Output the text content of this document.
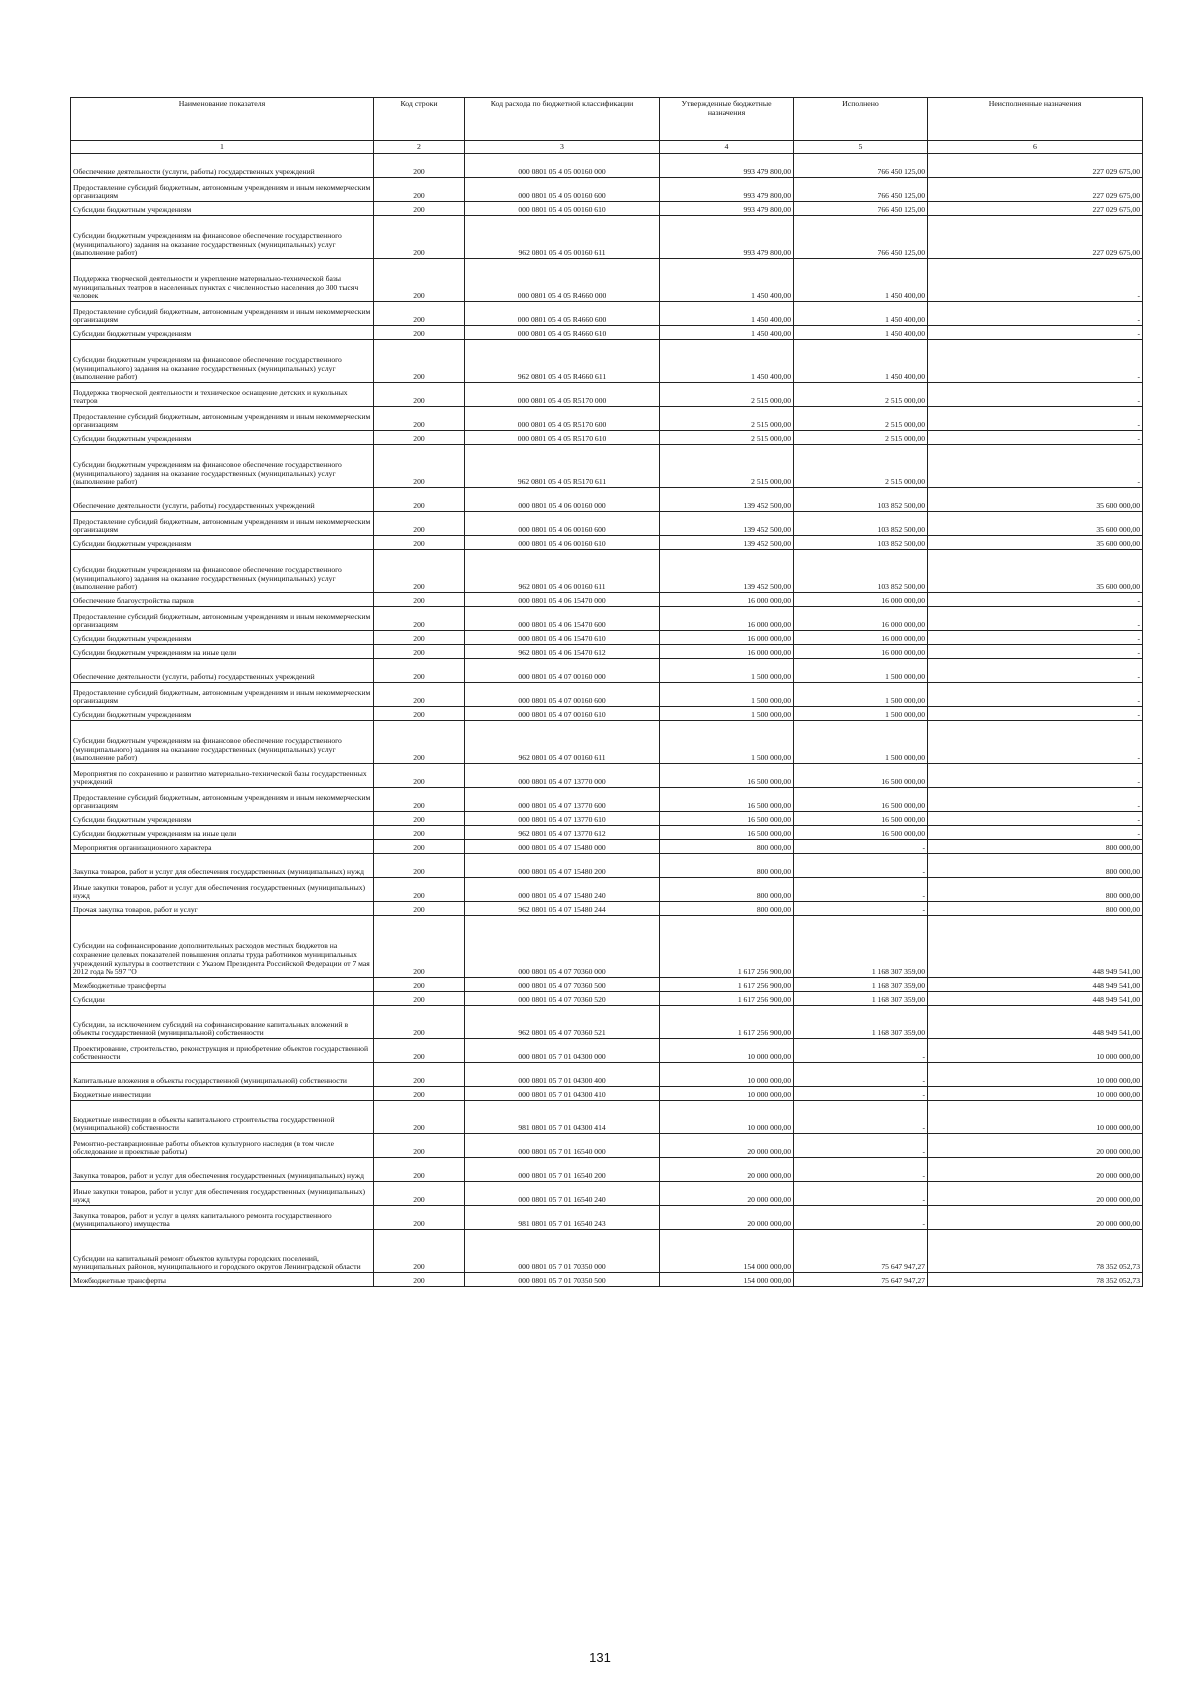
Наименование показателя	Код строки	Код расхода по бюджетной классификации	Утвержденные бюджетные назначения	Исполнено	Неисполненные назначения
1	2	3	4	5	6
Обеспечение деятельности (услуги, работы) государственных учреждений	200	000 0801 05 4 05 00160 000	993 479 800,00	766 450 125,00	227 029 675,00
Предоставление субсидий бюджетным, автономным учреждениям и иным некоммерческим организациям	200	000 0801 05 4 05 00160 600	993 479 800,00	766 450 125,00	227 029 675,00
Субсидии бюджетным учреждениям	200	000 0801 05 4 05 00160 610	993 479 800,00	766 450 125,00	227 029 675,00
Субсидии бюджетным учреждениям на финансовое обеспечение государственного (муниципального) задания на оказание государственных (муниципальных) услуг (выполнение работ)	200	962 0801 05 4 05 00160 611	993 479 800,00	766 450 125,00	227 029 675,00
Поддержка творческой деятельности и укрепление материально-технической базы муниципальных театров в населенных пунктах с численностью населения до 300 тысяч человек	200	000 0801 05 4 05 R4660 000	1 450 400,00	1 450 400,00	-
Предоставление субсидий бюджетным, автономным учреждениям и иным некоммерческим организациям	200	000 0801 05 4 05 R4660 600	1 450 400,00	1 450 400,00	-
Субсидии бюджетным учреждениям	200	000 0801 05 4 05 R4660 610	1 450 400,00	1 450 400,00	-
Субсидии бюджетным учреждениям на финансовое обеспечение государственного (муниципального) задания на оказание государственных (муниципальных) услуг (выполнение работ)	200	962 0801 05 4 05 R4660 611	1 450 400,00	1 450 400,00	-
Поддержка творческой деятельности и техническое оснащение детских и кукольных театров	200	000 0801 05 4 05 R5170 000	2 515 000,00	2 515 000,00	-
Предоставление субсидий бюджетным, автономным учреждениям и иным некоммерческим организациям	200	000 0801 05 4 05 R5170 600	2 515 000,00	2 515 000,00	-
Субсидии бюджетным учреждениям	200	000 0801 05 4 05 R5170 610	2 515 000,00	2 515 000,00	-
Субсидии бюджетным учреждениям на финансовое обеспечение государственного (муниципального) задания на оказание государственных (муниципальных) услуг (выполнение работ)	200	962 0801 05 4 05 R5170 611	2 515 000,00	2 515 000,00	-
Обеспечение деятельности (услуги, работы) государственных учреждений	200	000 0801 05 4 06 00160 000	139 452 500,00	103 852 500,00	35 600 000,00
Предоставление субсидий бюджетным, автономным учреждениям и иным некоммерческим организациям	200	000 0801 05 4 06 00160 600	139 452 500,00	103 852 500,00	35 600 000,00
Субсидии бюджетным учреждениям	200	000 0801 05 4 06 00160 610	139 452 500,00	103 852 500,00	35 600 000,00
Субсидии бюджетным учреждениям на финансовое обеспечение государственного (муниципального) задания на оказание государственных (муниципальных) услуг (выполнение работ)	200	962 0801 05 4 06 00160 611	139 452 500,00	103 852 500,00	35 600 000,00
Обеспечение благоустройства парков	200	000 0801 05 4 06 15470 000	16 000 000,00	16 000 000,00	-
Предоставление субсидий бюджетным, автономным учреждениям и иным некоммерческим организациям	200	000 0801 05 4 06 15470 600	16 000 000,00	16 000 000,00	-
Субсидии бюджетным учреждениям	200	000 0801 05 4 06 15470 610	16 000 000,00	16 000 000,00	-
Субсидии бюджетным учреждениям на иные цели	200	962 0801 05 4 06 15470 612	16 000 000,00	16 000 000,00	-
Обеспечение деятельности (услуги, работы) государственных учреждений	200	000 0801 05 4 07 00160 000	1 500 000,00	1 500 000,00	-
Предоставление субсидий бюджетным, автономным учреждениям и иным некоммерческим организациям	200	000 0801 05 4 07 00160 600	1 500 000,00	1 500 000,00	-
Субсидии бюджетным учреждениям	200	000 0801 05 4 07 00160 610	1 500 000,00	1 500 000,00	-
Субсидии бюджетным учреждениям на финансовое обеспечение государственного (муниципального) задания на оказание государственных (муниципальных) услуг (выполнение работ)	200	962 0801 05 4 07 00160 611	1 500 000,00	1 500 000,00	-
Мероприятия по сохранению и развитию материально-технической базы государственных учреждений	200	000 0801 05 4 07 13770 000	16 500 000,00	16 500 000,00	-
Предоставление субсидий бюджетным, автономным учреждениям и иным некоммерческим организациям	200	000 0801 05 4 07 13770 600	16 500 000,00	16 500 000,00	-
Субсидии бюджетным учреждениям	200	000 0801 05 4 07 13770 610	16 500 000,00	16 500 000,00	-
Субсидии бюджетным учреждениям на иные цели	200	962 0801 05 4 07 13770 612	16 500 000,00	16 500 000,00	-
Мероприятия организационного характера	200	000 0801 05 4 07 15480 000	800 000,00	-	800 000,00
Закупка товаров, работ и услуг для обеспечения государственных (муниципальных) нужд	200	000 0801 05 4 07 15480 200	800 000,00	-	800 000,00
Иные закупки товаров, работ и услуг для обеспечения государственных (муниципальных) нужд	200	000 0801 05 4 07 15480 240	800 000,00	-	800 000,00
Прочая закупка товаров, работ и услуг	200	962 0801 05 4 07 15480 244	800 000,00	-	800 000,00
Субсидии на софинансирование дополнительных расходов местных бюджетов на сохранение целевых показателей повышения оплаты труда работников муниципальных учреждений культуры в соответствии с Указом Президента Российской Федерации от 7 мая 2012 года № 597 "О	200	000 0801 05 4 07 70360 000	1 617 256 900,00	1 168 307 359,00	448 949 541,00
Межбюджетные трансферты	200	000 0801 05 4 07 70360 500	1 617 256 900,00	1 168 307 359,00	448 949 541,00
Субсидии	200	000 0801 05 4 07 70360 520	1 617 256 900,00	1 168 307 359,00	448 949 541,00
Субсидии, за исключением субсидий на софинансирование капитальных вложений в объекты государственной (муниципальной) собственности	200	962 0801 05 4 07 70360 521	1 617 256 900,00	1 168 307 359,00	448 949 541,00
Проектирование, строительство, реконструкция и приобретение объектов государственной собственности	200	000 0801 05 7 01 04300 000	10 000 000,00	-	10 000 000,00
Капитальные вложения в объекты государственной (муниципальной) собственности	200	000 0801 05 7 01 04300 400	10 000 000,00	-	10 000 000,00
Бюджетные инвестиции	200	000 0801 05 7 01 04300 410	10 000 000,00	-	10 000 000,00
Бюджетные инвестиции в объекты капитального строительства государственной (муниципальной) собственности	200	981 0801 05 7 01 04300 414	10 000 000,00	-	10 000 000,00
Ремонтно-реставрационные работы объектов культурного наследия (в том числе обследование и проектные работы)	200	000 0801 05 7 01 16540 000	20 000 000,00	-	20 000 000,00
Закупка товаров, работ и услуг для обеспечения государственных (муниципальных) нужд	200	000 0801 05 7 01 16540 200	20 000 000,00	-	20 000 000,00
Иные закупки товаров, работ и услуг для обеспечения государственных (муниципальных) нужд	200	000 0801 05 7 01 16540 240	20 000 000,00	-	20 000 000,00
Закупка товаров, работ и услуг в целях капитального ремонта государственного (муниципального) имущества	200	981 0801 05 7 01 16540 243	20 000 000,00	-	20 000 000,00
Субсидии на капитальный ремонт объектов культуры городских поселений, муниципальных районов, муниципального и городского округов Ленинградской области	200	000 0801 05 7 01 70350 000	154 000 000,00	75 647 947,27	78 352 052,73
Межбюджетные трансферты	200	000 0801 05 7 01 70350 500	154 000 000,00	75 647 947,27	78 352 052,73
131
